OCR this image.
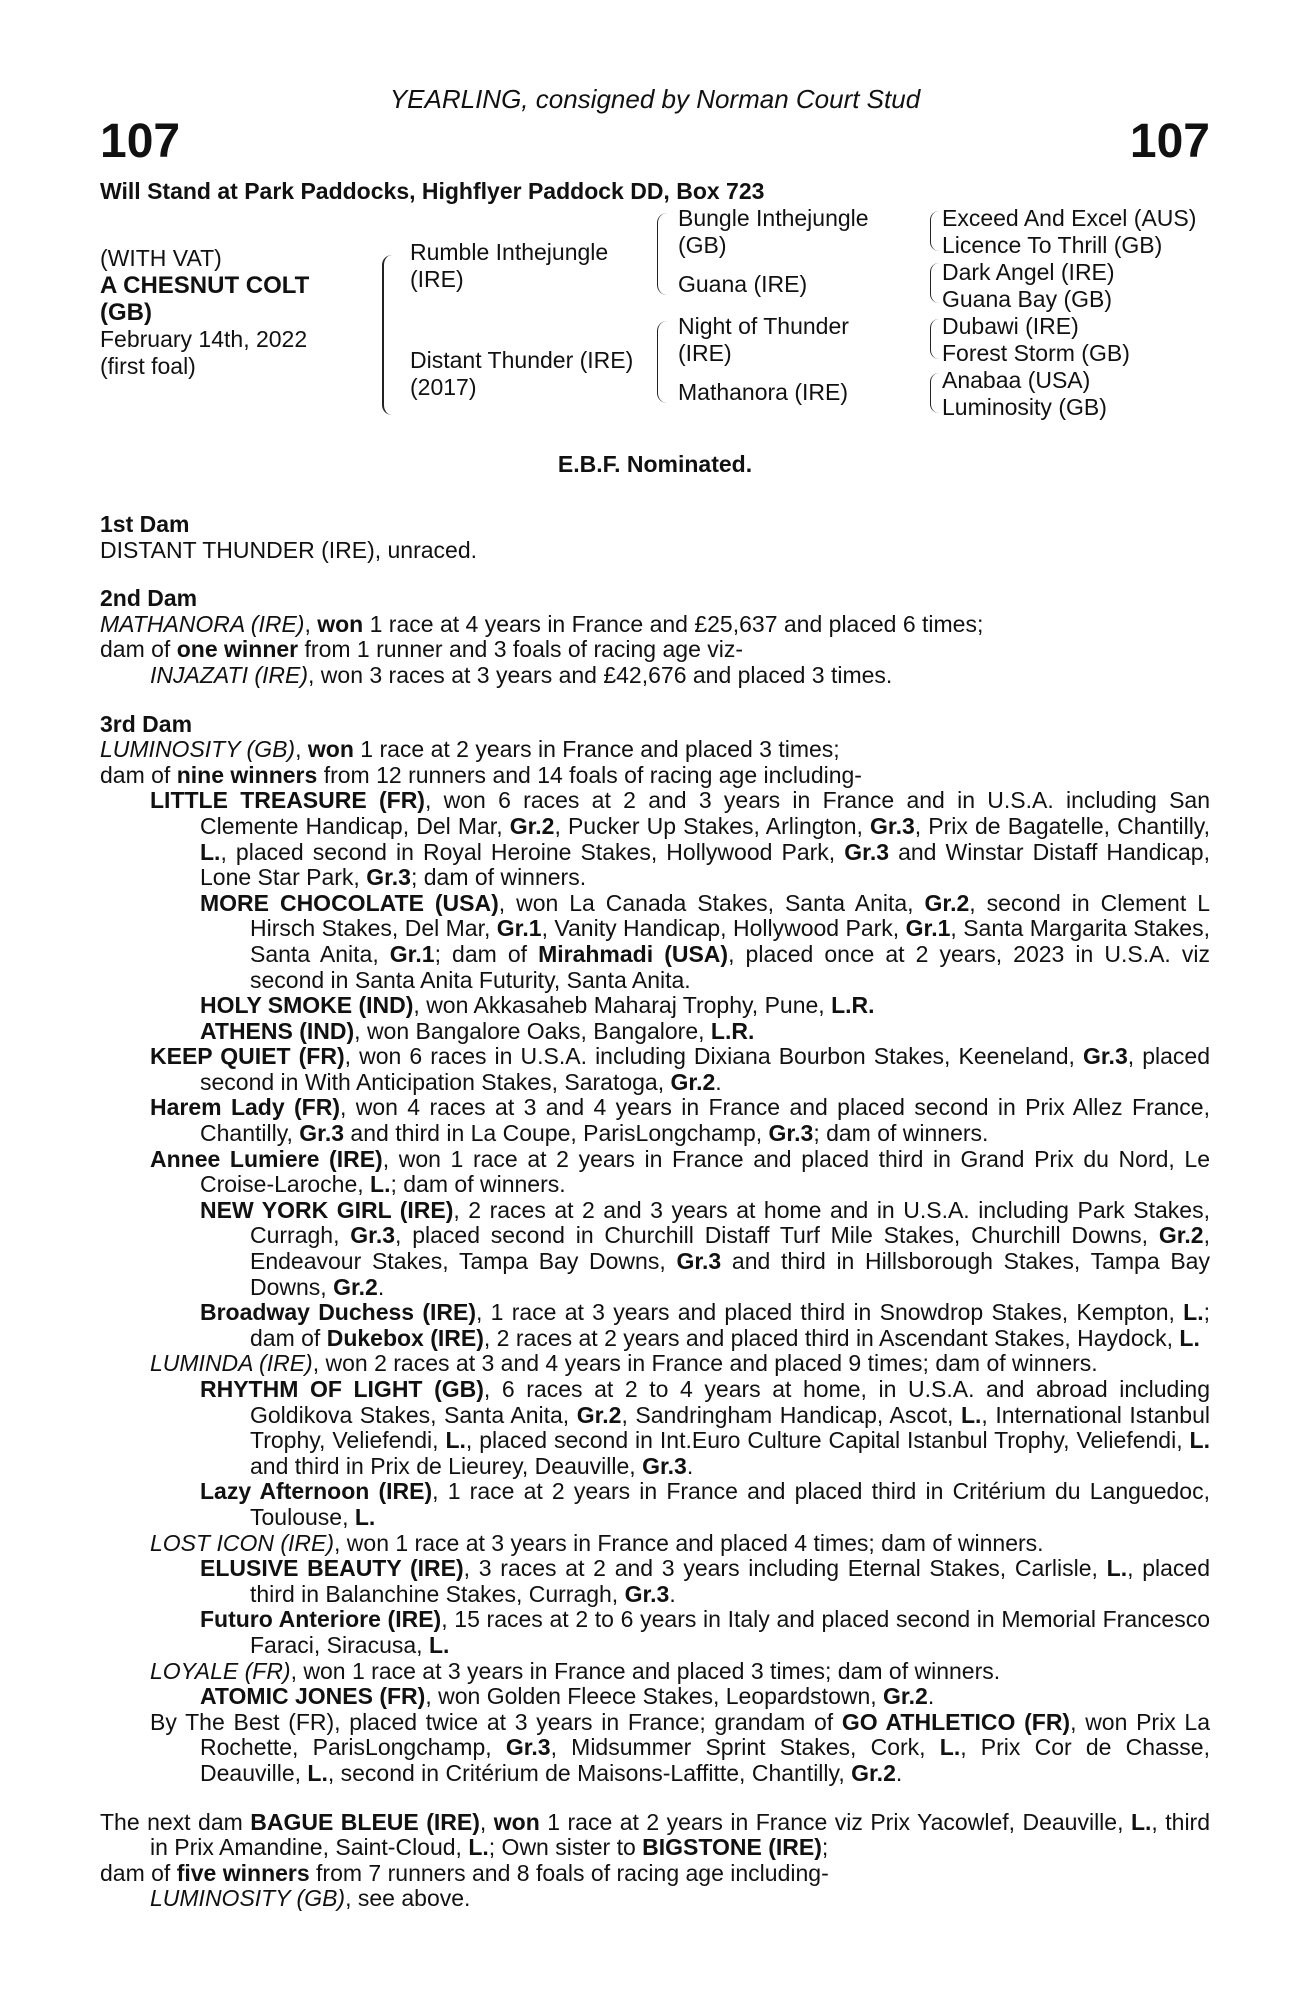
YEARLING, consigned by Norman Court Stud
107	107
Will Stand at Park Paddocks, Highflyer Paddock DD, Box 723
(WITH VAT)
A CHESNUT COLT
(GB)
February 14th, 2022
(first foal)
Rumble Inthejungle
(IRE)
Distant Thunder (IRE)
(2017)
Bungle Inthejungle
(GB)
Guana (IRE)
Night of Thunder
(IRE)
Mathanora (IRE)
Exceed And Excel (AUS)
Licence To Thrill (GB)
Dark Angel (IRE)
Guana Bay (GB)
Dubawi (IRE)
Forest Storm (GB)
Anabaa (USA)
Luminosity (GB)
E.B.F. Nominated.
1st Dam

DISTANT THUNDER (IRE), unraced.

2nd Dam

MATHANORA (IRE), won 1 race at 4 years in France and £25,637 and placed 6 times;

dam of one winner from 1 runner and 3 foals of racing age viz-

INJAZATI (IRE), won 3 races at 3 years and £42,676 and placed 3 times.

3rd Dam

LUMINOSITY (GB), won 1 race at 2 years in France and placed 3 times;

dam of nine winners from 12 runners and 14 foals of racing age including-

LITTLE TREASURE (FR), won 6 races at 2 and 3 years in France and in U.S.A. including San Clemente Handicap, Del Mar, Gr.2, Pucker Up Stakes, Arlington, Gr.3, Prix de Bagatelle, Chantilly, L., placed second in Royal Heroine Stakes, Hollywood Park, Gr.3 and Winstar Distaff Handicap, Lone Star Park, Gr.3; dam of winners.

MORE CHOCOLATE (USA), won La Canada Stakes, Santa Anita, Gr.2, second in Clement L Hirsch Stakes, Del Mar, Gr.1, Vanity Handicap, Hollywood Park, Gr.1, Santa Margarita Stakes, Santa Anita, Gr.1; dam of Mirahmadi (USA), placed once at 2 years, 2023 in U.S.A. viz second in Santa Anita Futurity, Santa Anita.

HOLY SMOKE (IND), won Akkasaheb Maharaj Trophy, Pune, L.R.

ATHENS (IND), won Bangalore Oaks, Bangalore, L.R.

KEEP QUIET (FR), won 6 races in U.S.A. including Dixiana Bourbon Stakes, Keeneland, Gr.3, placed second in With Anticipation Stakes, Saratoga, Gr.2.

Harem Lady (FR), won 4 races at 3 and 4 years in France and placed second in Prix Allez France, Chantilly, Gr.3 and third in La Coupe, ParisLongchamp, Gr.3; dam of winners.

Annee Lumiere (IRE), won 1 race at 2 years in France and placed third in Grand Prix du Nord, Le Croise-Laroche, L.; dam of winners.

NEW YORK GIRL (IRE), 2 races at 2 and 3 years at home and in U.S.A. including Park Stakes, Curragh, Gr.3, placed second in Churchill Distaff Turf Mile Stakes, Churchill Downs, Gr.2, Endeavour Stakes, Tampa Bay Downs, Gr.3 and third in Hillsborough Stakes, Tampa Bay Downs, Gr.2.

Broadway Duchess (IRE), 1 race at 3 years and placed third in Snowdrop Stakes, Kempton, L.; dam of Dukebox (IRE), 2 races at 2 years and placed third in Ascendant Stakes, Haydock, L.

LUMINDA (IRE), won 2 races at 3 and 4 years in France and placed 9 times; dam of winners.

RHYTHM OF LIGHT (GB), 6 races at 2 to 4 years at home, in U.S.A. and abroad including Goldikova Stakes, Santa Anita, Gr.2, Sandringham Handicap, Ascot, L., International Istanbul Trophy, Veliefendi, L., placed second in Int.Euro Culture Capital Istanbul Trophy, Veliefendi, L. and third in Prix de Lieurey, Deauville, Gr.3.

Lazy Afternoon (IRE), 1 race at 2 years in France and placed third in Critérium du Languedoc, Toulouse, L.

LOST ICON (IRE), won 1 race at 3 years in France and placed 4 times; dam of winners.

ELUSIVE BEAUTY (IRE), 3 races at 2 and 3 years including Eternal Stakes, Carlisle, L., placed third in Balanchine Stakes, Curragh, Gr.3.

Futuro Anteriore (IRE), 15 races at 2 to 6 years in Italy and placed second in Memorial Francesco Faraci, Siracusa, L.

LOYALE (FR), won 1 race at 3 years in France and placed 3 times; dam of winners.

ATOMIC JONES (FR), won Golden Fleece Stakes, Leopardstown, Gr.2.

By The Best (FR), placed twice at 3 years in France; grandam of GO ATHLETICO (FR), won Prix La Rochette, ParisLongchamp, Gr.3, Midsummer Sprint Stakes, Cork, L., Prix Cor de Chasse, Deauville, L., second in Critérium de Maisons-Laffitte, Chantilly, Gr.2.

The next dam BAGUE BLEUE (IRE), won 1 race at 2 years in France viz Prix Yacowlef, Deauville, L., third in Prix Amandine, Saint-Cloud, L.; Own sister to BIGSTONE (IRE);

dam of five winners from 7 runners and 8 foals of racing age including-

LUMINOSITY (GB), see above.
